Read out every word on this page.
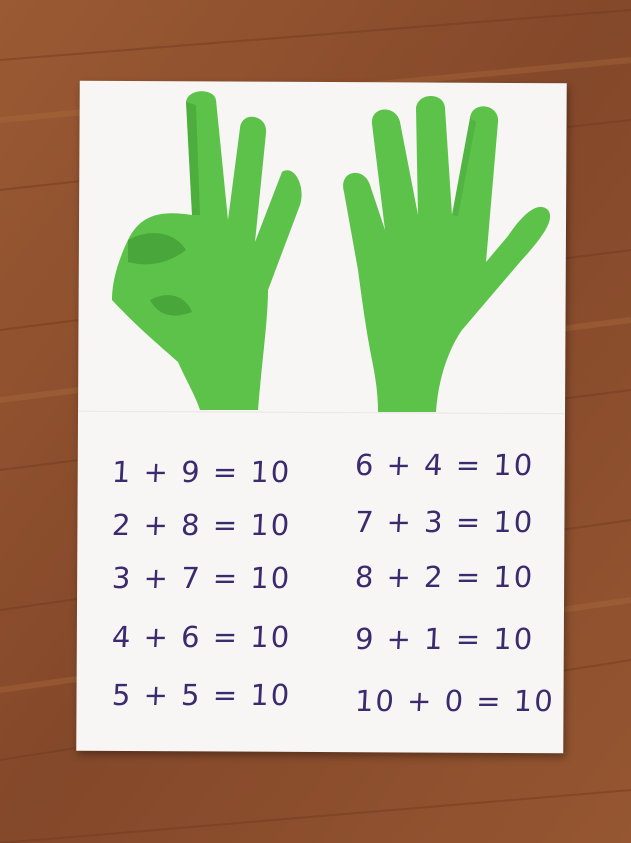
1 + 9 = 10
2 + 8 = 10
3 + 7 = 10
4 + 6 = 10
5 + 5 = 10
6 + 4 = 10
7 + 3 = 10
8 + 2 = 10
9 + 1 = 10
10 + 0 = 10
